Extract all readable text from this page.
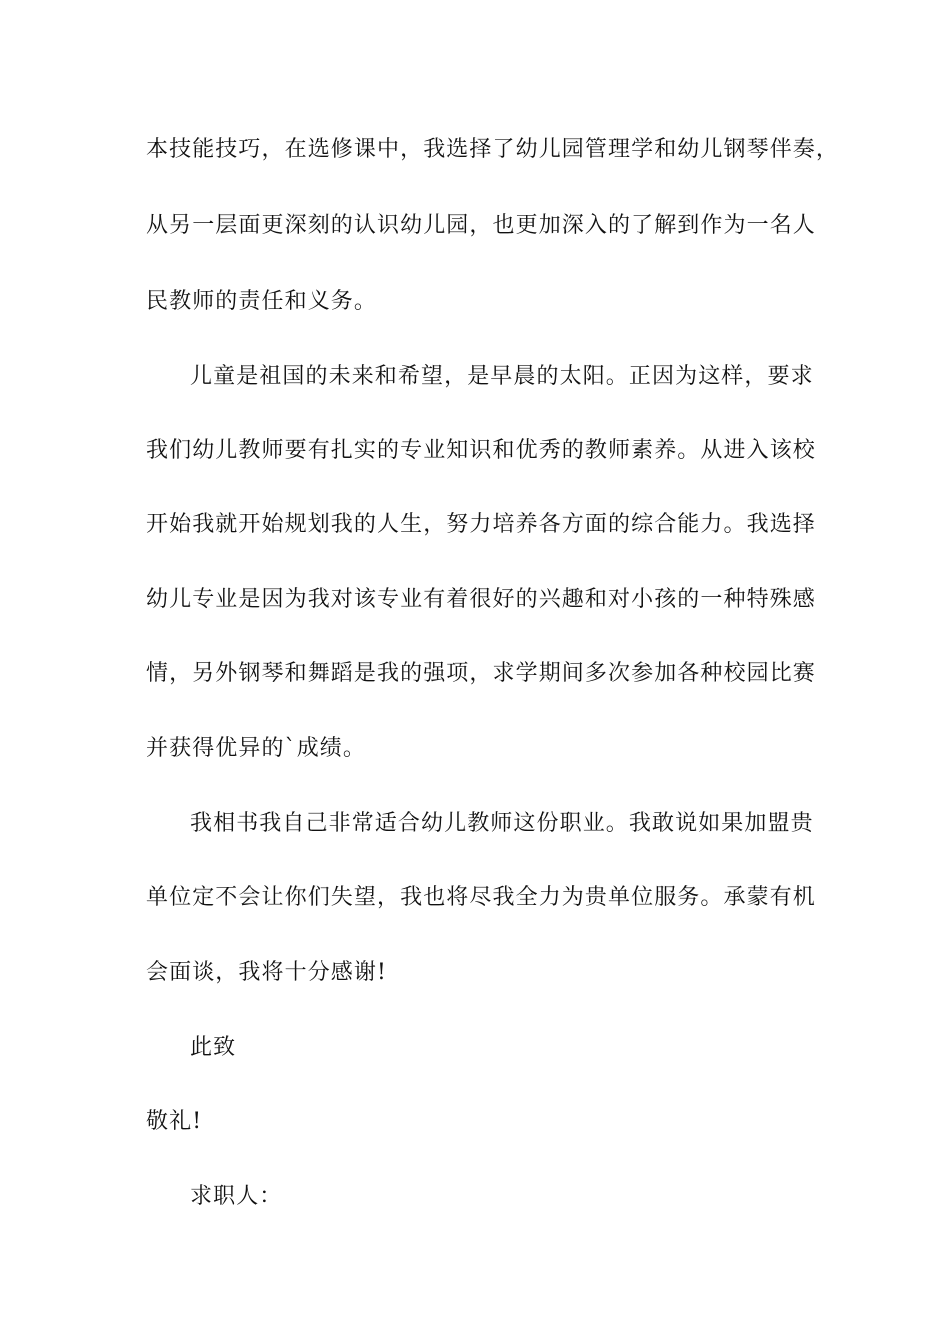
本技能技巧，在选修课中，我选择了幼儿园管理学和幼儿钢琴伴奏，
从另一层面更深刻的认识幼儿园，也更加深入的了解到作为一名人
民教师的责任和义务。
儿童是祖国的未来和希望，是早晨的太阳。正因为这样，要求
我们幼儿教师要有扎实的专业知识和优秀的教师素养。从进入该校
开始我就开始规划我的人生，努力培养各方面的综合能力。我选择
幼儿专业是因为我对该专业有着很好的兴趣和对小孩的一种特殊感
情，另外钢琴和舞蹈是我的强项，求学期间多次参加各种校园比赛
并获得优异的`成绩。
我相书我自己非常适合幼儿教师这份职业。我敢说如果加盟贵
单位定不会让你们失望，我也将尽我全力为贵单位服务。承蒙有机
会面谈，我将十分感谢!
此致
敬礼!
求职人：
